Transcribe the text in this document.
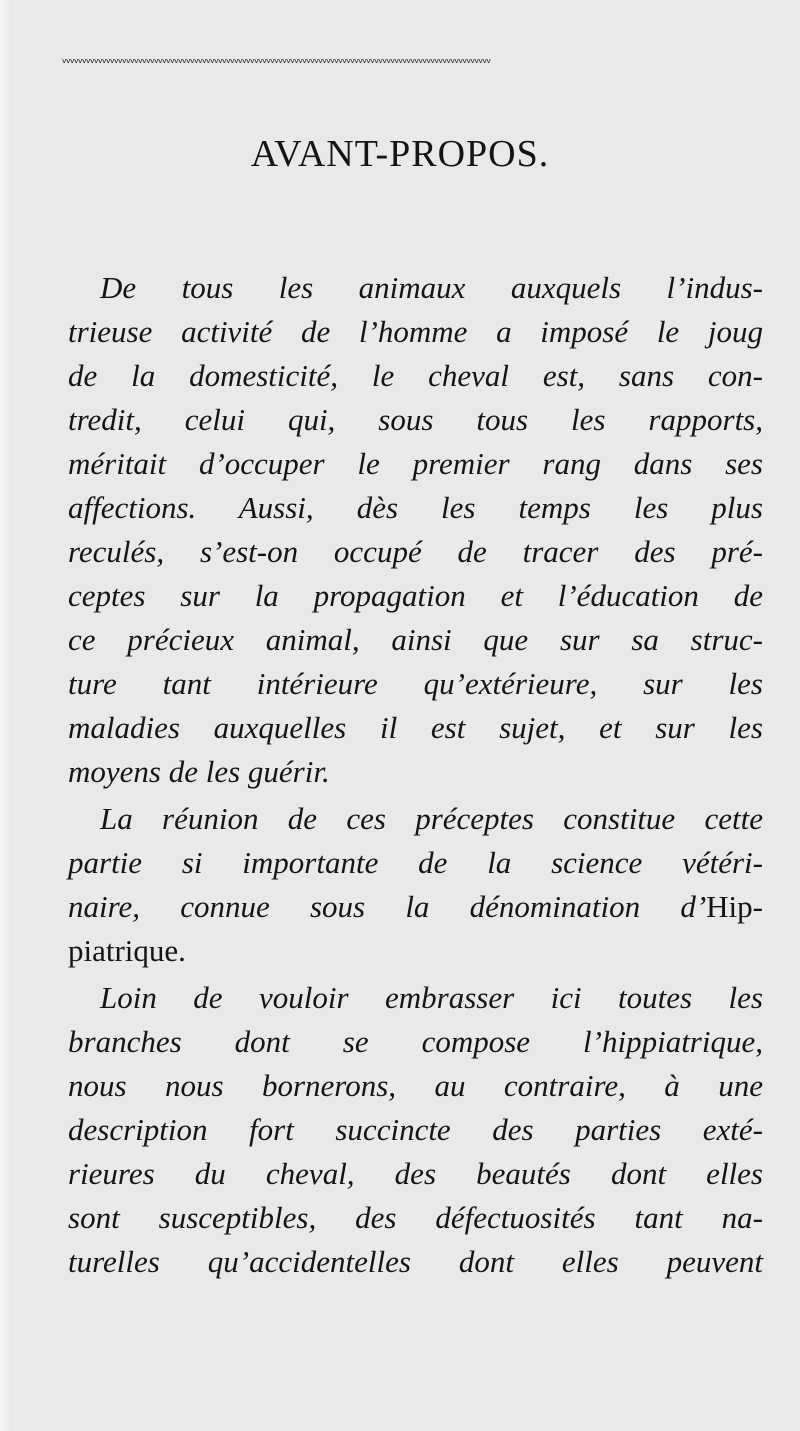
ᵥᵥᵥᵥᵥᵥᵥᵥᵥᵥᵥᵥᵥᵥᵥᵥᵥᵥᵥᵥᵥᵥᵥᵥᵥᵥᵥᵥᵥᵥᵥᵥᵥᵥᵥᵥᵥᵥᵥᵥᵥᵥᵥᵥᵥᵥᵥᵥᵥᵥᵥᵥᵥᵥᵥᵥᵥᵥᵥᵥᵥᵥᵥᵥᵥᵥᵥᵥᵥᵥᵥᵥᵥᵥᵥᵥᵥᵥᵥᵥᵥᵥᵥᵥᵥᵥᵥᵥᵥᵥᵥᵥᵥᵥᵥᵥᵥᵥᵥᵥᵥᵥᵥᵥᵥᵥᵥ
AVANT-PROPOS.
De tous les animaux auxquels l’indus-
trieuse activité de l’homme a imposé le joug
de la domesticité, le cheval est, sans con-
tredit, celui qui, sous tous les rapports,
méritait d’occuper le premier rang dans ses
affections. Aussi, dès les temps les plus
reculés, s’est-on occupé de tracer des pré-
ceptes sur la propagation et l’éducation de
ce précieux animal, ainsi que sur sa struc-
ture tant intérieure qu’extérieure, sur les
maladies auxquelles il est sujet, et sur les
moyens de les guérir.
La réunion de ces préceptes constitue cette
partie si importante de la science vétéri-
naire, connue sous la dénomination d’Hip-
piatrique.
Loin de vouloir embrasser ici toutes les
branches dont se compose l’hippiatrique,
nous nous bornerons, au contraire, à une
description fort succincte des parties exté-
rieures du cheval, des beautés dont elles
sont susceptibles, des défectuosités tant na-
turelles qu’accidentelles dont elles peuvent
